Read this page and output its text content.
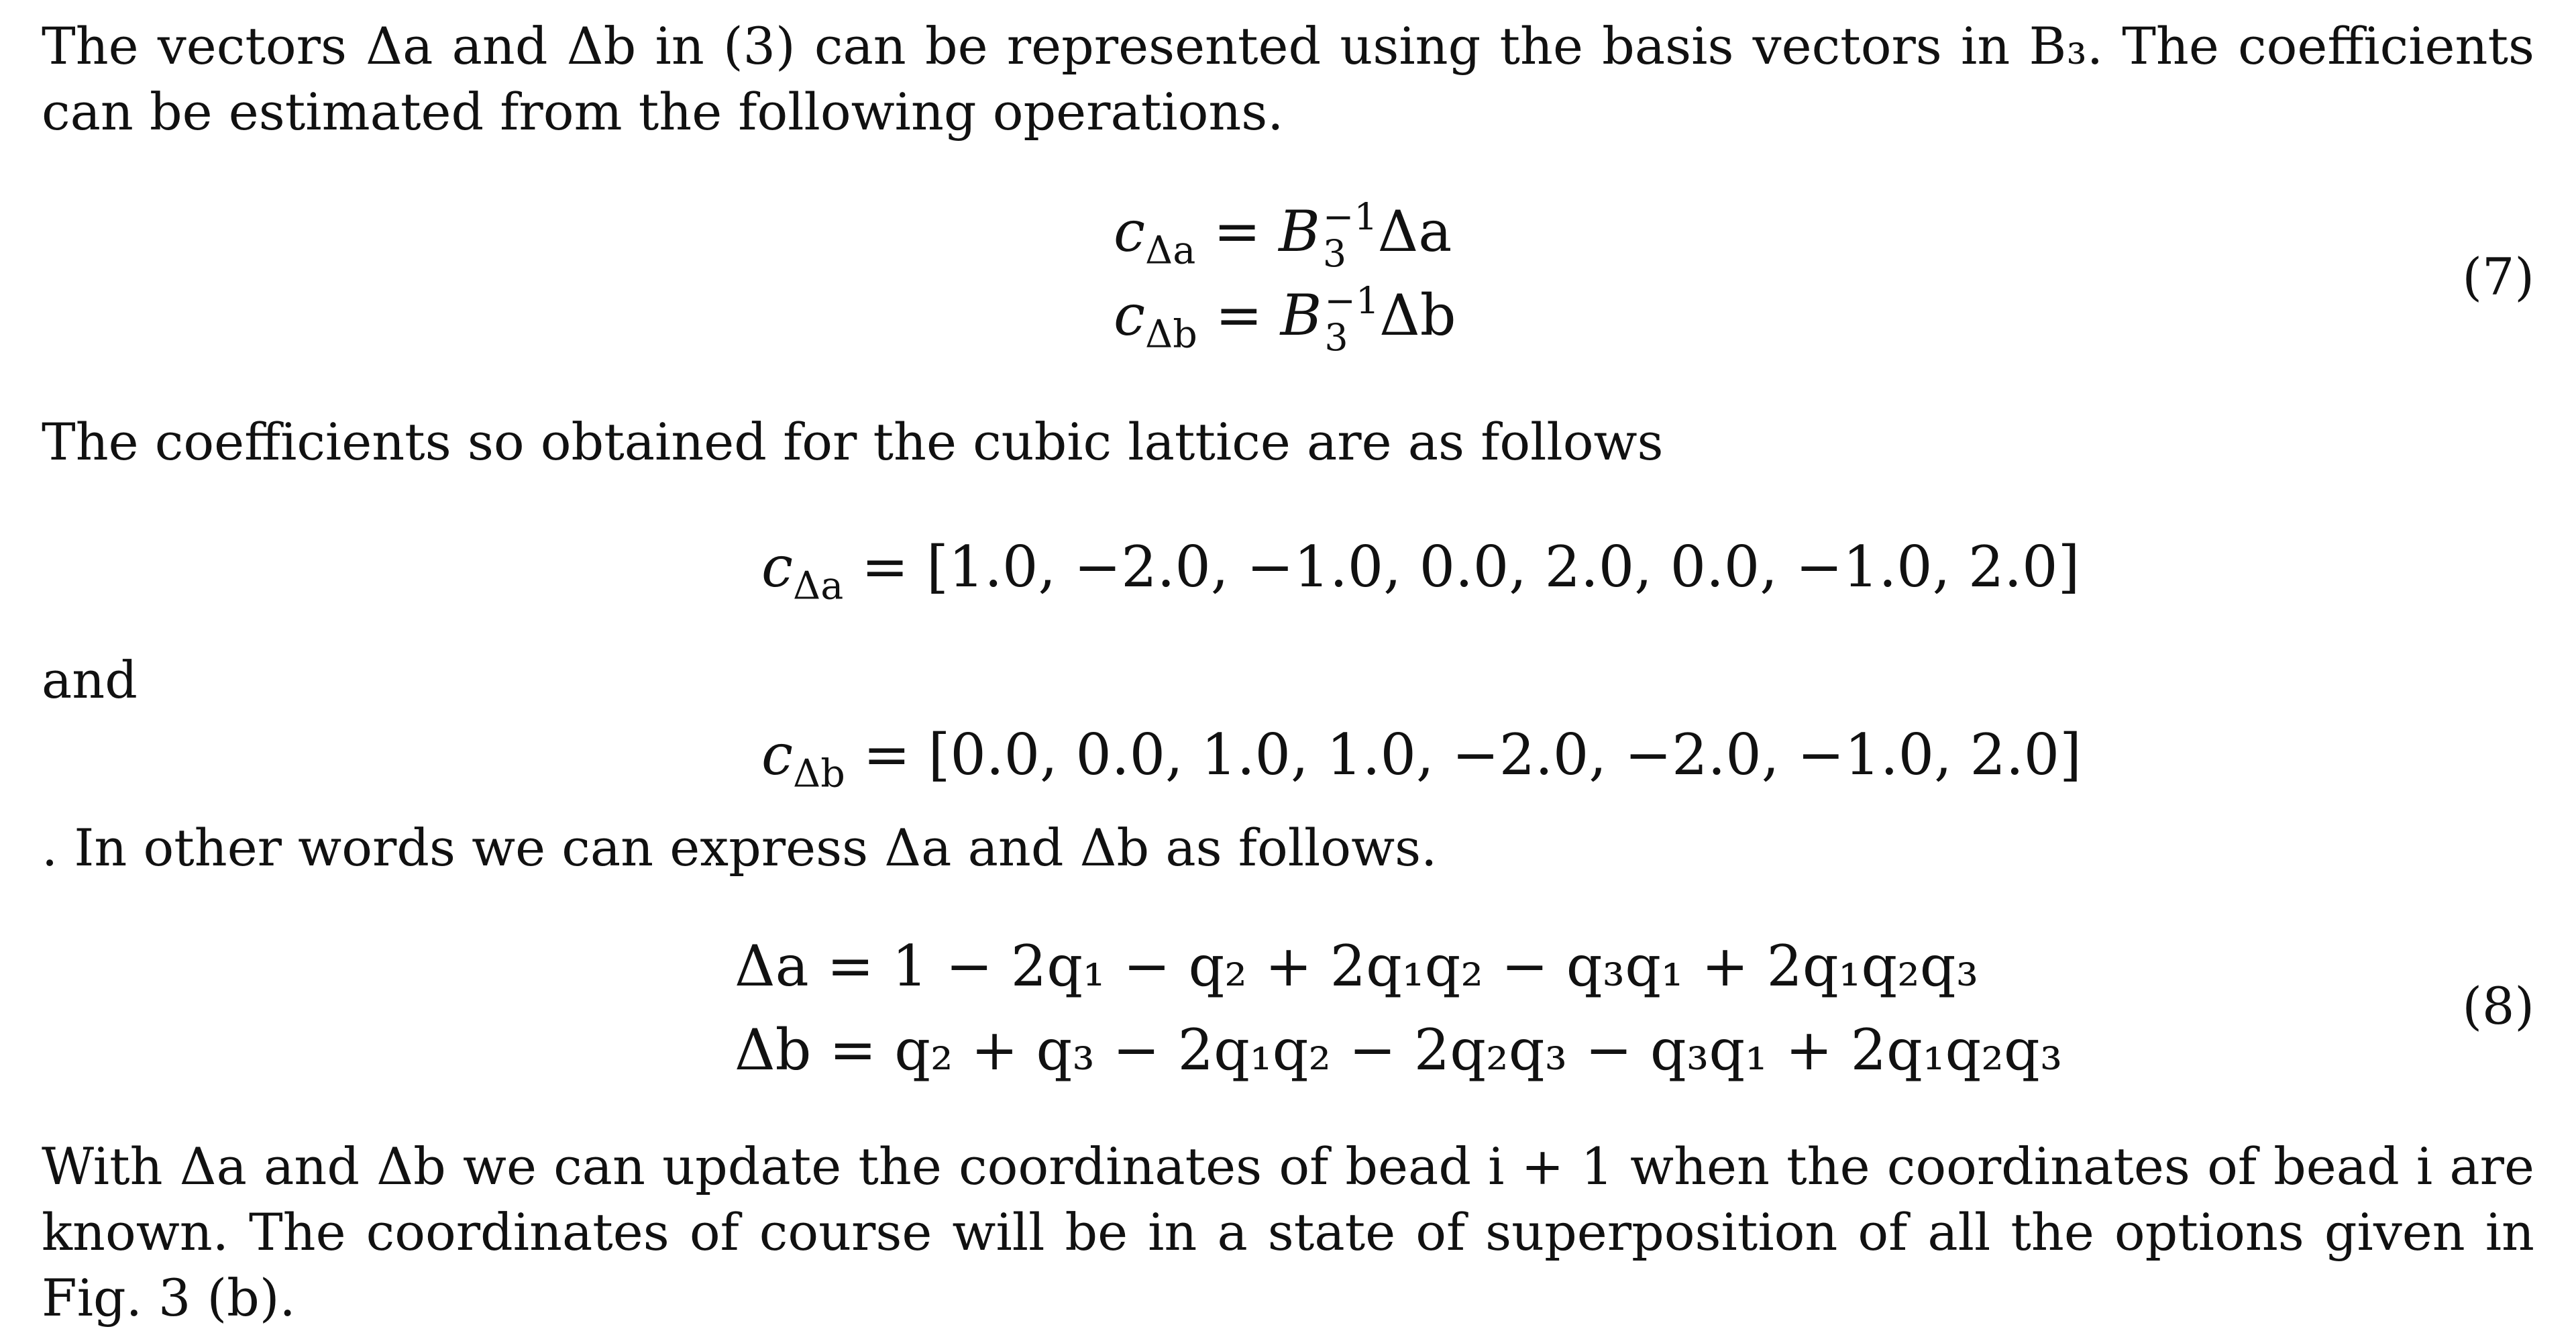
The vectors Δa and Δb in (3) can be represented using the basis vectors in B₃. The coefficients can be estimated from the following operations.

$c_{\Delta a} = B -1$
3 Δa
$c_{\Delta b} = B -1$
3 Δb
(7)

The coefficients so obtained for the cubic lattice are as follows

$c_{\Delta a} = [1.0$, −2.0, −1.0, 0.0, 2.0, 0.0, −1.0, 2.0]

and

$c_{\Delta b} = [0.0$, 0.0, 1.0, 1.0, −2.0, −2.0, −1.0, 2.0]

. In other words we can express Δa and Δb as follows.

Δa = 1 − 2q₁ − q₂ + 2q₁q₂ − q₃q₁ + 2q₁q₂q₃
Δb = q₂ + q₃ − 2q₁q₂ − 2q₂q₃ − q₃q₁ + 2q₁q₂q₃
(8)

With Δa and Δb we can update the coordinates of bead i + 1 when the coordinates of bead i are known. The coordinates of course will be in a state of superposition of all the options given in Fig. 3 (b).
